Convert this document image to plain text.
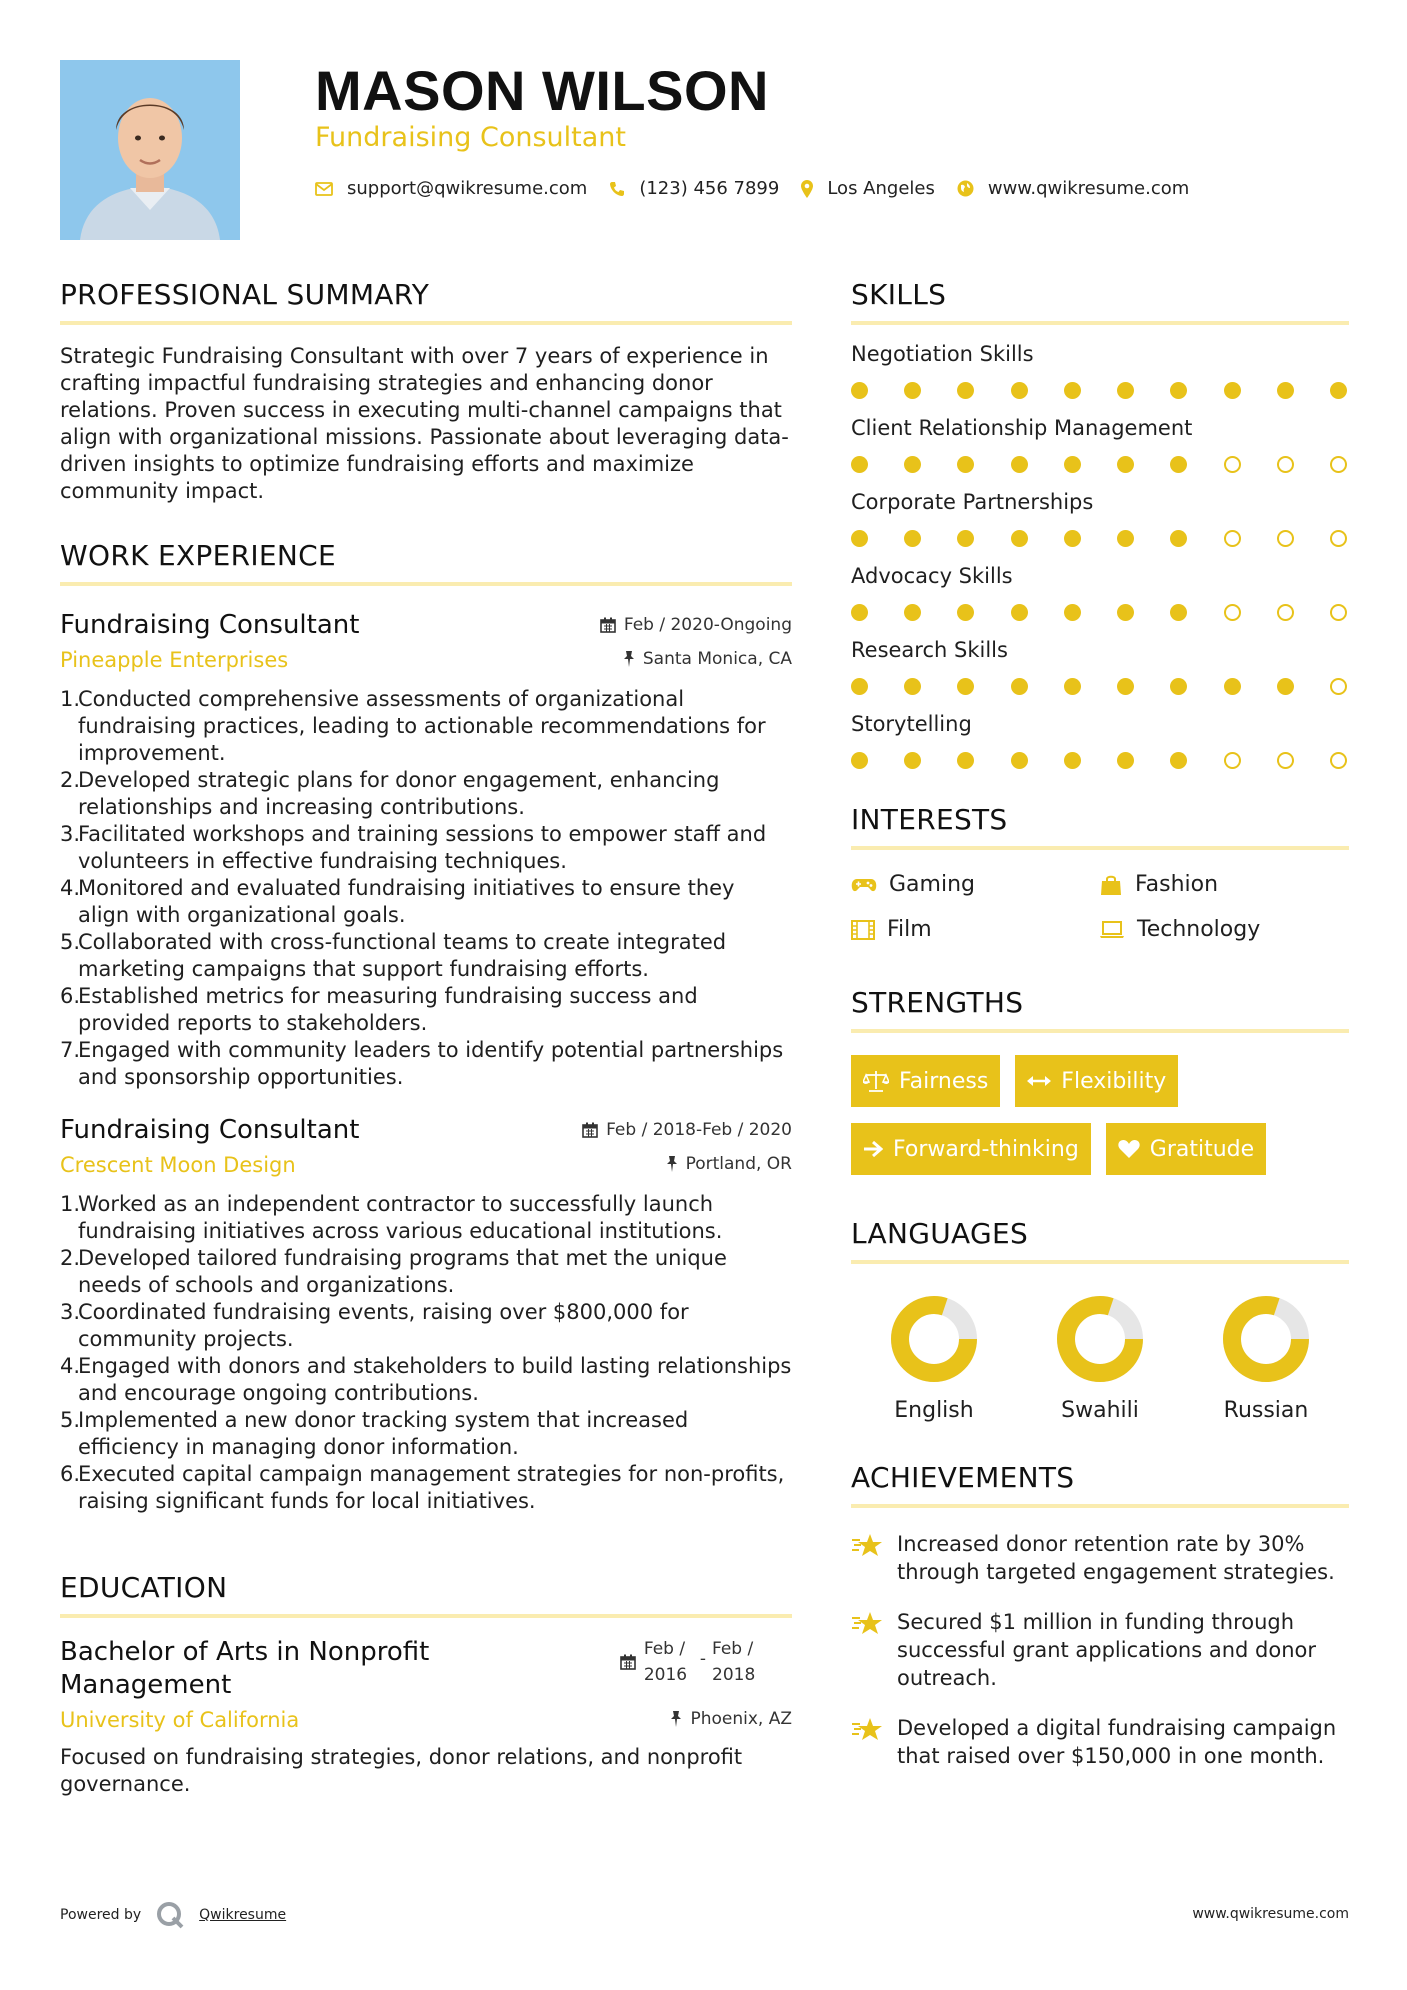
MASON WILSON
Fundraising Consultant
support@qwikresume.com	(123) 456 7899	Los Angeles	www.qwikresume.com
PROFESSIONAL SUMMARY

Strategic Fundraising Consultant with over 7 years of experience in crafting impactful fundraising strategies and enhancing donor relations. Proven success in executing multi-channel campaigns that align with organizational missions. Passionate about leveraging data-driven insights to optimize fundraising efforts and maximize community impact.

WORK EXPERIENCE
Fundraising Consultant	Feb / 2020-Ongoing
Pineapple Enterprises	Santa Monica, CA
1.
Conducted comprehensive assessments of organizational fundraising practices, leading to actionable recommendations for improvement.
2.
Developed strategic plans for donor engagement, enhancing relationships and increasing contributions.
3.
Facilitated workshops and training sessions to empower staff and volunteers in effective fundraising techniques.
4.
Monitored and evaluated fundraising initiatives to ensure they align with organizational goals.
5.
Collaborated with cross-functional teams to create integrated marketing campaigns that support fundraising efforts.
6.
Established metrics for measuring fundraising success and provided reports to stakeholders.
7.
Engaged with community leaders to identify potential partnerships and sponsorship opportunities.
Fundraising Consultant	Feb / 2018-Feb / 2020
Crescent Moon Design	Portland, OR
1.
Worked as an independent contractor to successfully launch fundraising initiatives across various educational institutions.
2.
Developed tailored fundraising programs that met the unique needs of schools and organizations.
3.
Coordinated fundraising events, raising over $800,000 for community projects.
4.
Engaged with donors and stakeholders to build lasting relationships and encourage ongoing contributions.
5.
Implemented a new donor tracking system that increased efficiency in managing donor information.
6.
Executed capital campaign management strategies for non-profits, raising significant funds for local initiatives.
EDUCATION
Bachelor of Arts in Nonprofit Management
Feb / 2016
- Feb / 2018
University of California	Phoenix, AZ

Focused on fundraising strategies, donor relations, and nonprofit governance.

SKILLS
Negotiation Skills
Client Relationship Management
Corporate Partnerships
Advocacy Skills
Research Skills
Storytelling
INTERESTS
Gaming	Fashion
Film	Technology
STRENGTHS
Fairness	Flexibility
Forward-thinking	Gratitude
LANGUAGES
English	Swahili	Russian
ACHIEVEMENTS
Increased donor retention rate by 30% through targeted engagement strategies.
Secured $1 million in funding through successful grant applications and donor outreach.
Developed a digital fundraising campaign that raised over $150,000 in one month.
Powered by	Qwikresume	www.qwikresume.com
